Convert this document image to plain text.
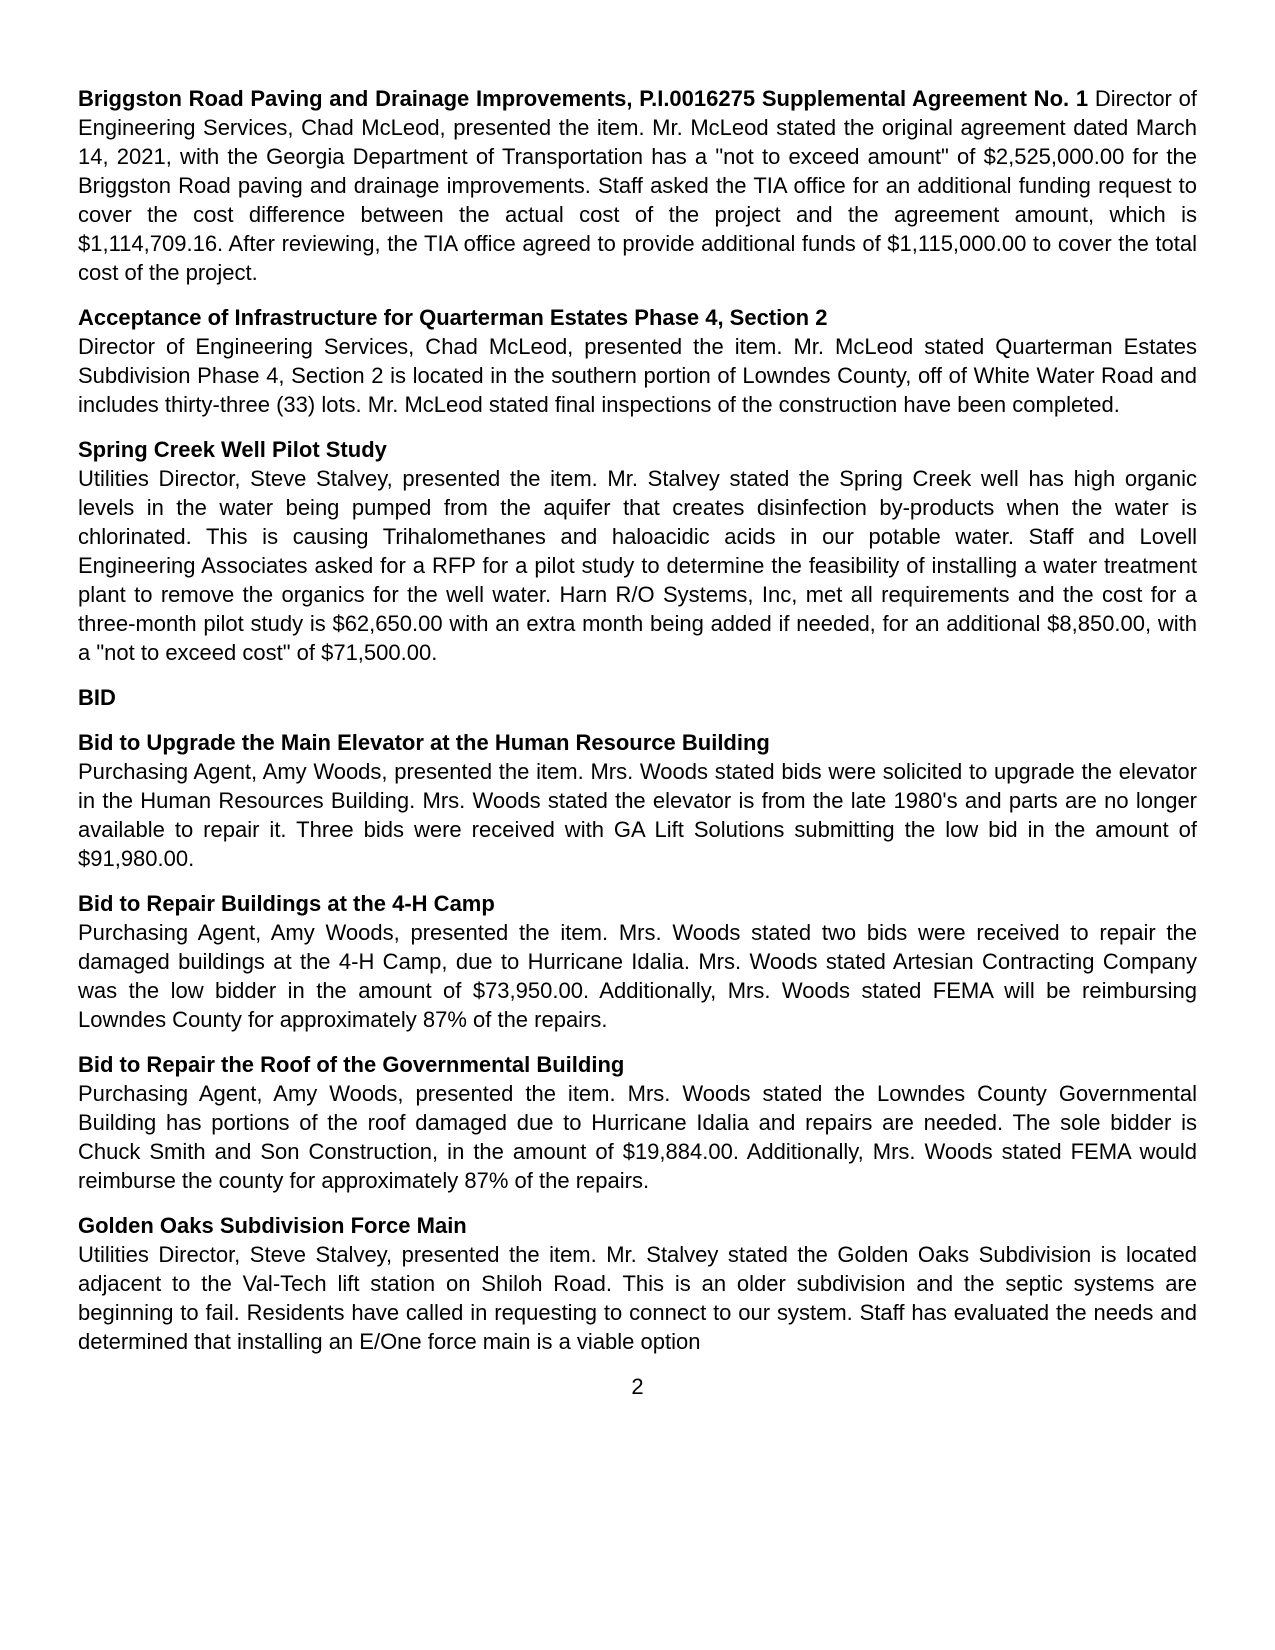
Briggston Road Paving and Drainage Improvements, P.I.0016275 Supplemental Agreement No. 1 Director of Engineering Services, Chad McLeod, presented the item. Mr. McLeod stated the original agreement dated March 14, 2021, with the Georgia Department of Transportation has a "not to exceed amount" of $2,525,000.00 for the Briggston Road paving and drainage improvements. Staff asked the TIA office for an additional funding request to cover the cost difference between the actual cost of the project and the agreement amount, which is $1,114,709.16. After reviewing, the TIA office agreed to provide additional funds of $1,115,000.00 to cover the total cost of the project.

Acceptance of Infrastructure for Quarterman Estates Phase 4, Section 2

Director of Engineering Services, Chad McLeod, presented the item. Mr. McLeod stated Quarterman Estates Subdivision Phase 4, Section 2 is located in the southern portion of Lowndes County, off of White Water Road and includes thirty-three (33) lots. Mr. McLeod stated final inspections of the construction have been completed.

Spring Creek Well Pilot Study

Utilities Director, Steve Stalvey, presented the item. Mr. Stalvey stated the Spring Creek well has high organic levels in the water being pumped from the aquifer that creates disinfection by-products when the water is chlorinated. This is causing Trihalomethanes and haloacidic acids in our potable water. Staff and Lovell Engineering Associates asked for a RFP for a pilot study to determine the feasibility of installing a water treatment plant to remove the organics for the well water. Harn R/O Systems, Inc, met all requirements and the cost for a three-month pilot study is $62,650.00 with an extra month being added if needed, for an additional $8,850.00, with a "not to exceed cost" of $71,500.00.

BID

Bid to Upgrade the Main Elevator at the Human Resource Building

Purchasing Agent, Amy Woods, presented the item. Mrs. Woods stated bids were solicited to upgrade the elevator in the Human Resources Building. Mrs. Woods stated the elevator is from the late 1980's and parts are no longer available to repair it. Three bids were received with GA Lift Solutions submitting the low bid in the amount of $91,980.00.

Bid to Repair Buildings at the 4-H Camp

Purchasing Agent, Amy Woods, presented the item. Mrs. Woods stated two bids were received to repair the damaged buildings at the 4-H Camp, due to Hurricane Idalia. Mrs. Woods stated Artesian Contracting Company was the low bidder in the amount of $73,950.00. Additionally, Mrs. Woods stated FEMA will be reimbursing Lowndes County for approximately 87% of the repairs.

Bid to Repair the Roof of the Governmental Building

Purchasing Agent, Amy Woods, presented the item. Mrs. Woods stated the Lowndes County Governmental Building has portions of the roof damaged due to Hurricane Idalia and repairs are needed. The sole bidder is Chuck Smith and Son Construction, in the amount of $19,884.00. Additionally, Mrs. Woods stated FEMA would reimburse the county for approximately 87% of the repairs.

Golden Oaks Subdivision Force Main

Utilities Director, Steve Stalvey, presented the item. Mr. Stalvey stated the Golden Oaks Subdivision is located adjacent to the Val-Tech lift station on Shiloh Road. This is an older subdivision and the septic systems are beginning to fail. Residents have called in requesting to connect to our system. Staff has evaluated the needs and determined that installing an E/One force main is a viable option

2
